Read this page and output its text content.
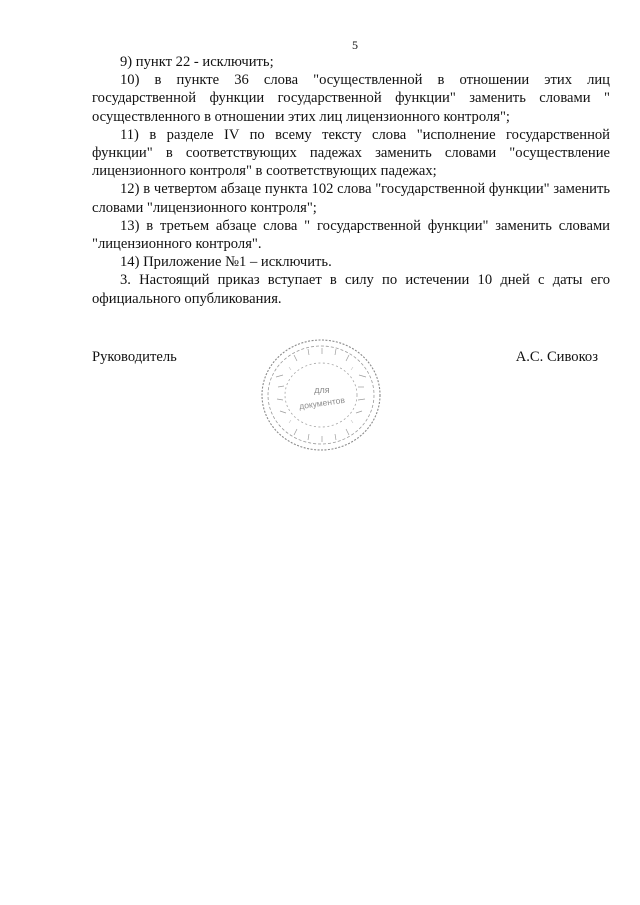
5

9) пункт 22 - исключить;

10) в пункте 36 слова "осуществленной в отношении этих лиц государственной функции государственной функции" заменить словами " осуществленного в отношении этих лиц лицензионного контроля";

11) в разделе IV по всему тексту слова "исполнение государственной функции" в соответствующих падежах заменить словами "осуществление лицензионного контроля" в соответствующих падежах;

12) в четвертом абзаце пункта 102 слова "государственной функции" заменить словами "лицензионного контроля";

13) в третьем абзаце слова " государственной функции" заменить словами "лицензионного контроля".

14) Приложение №1 – исключить.

3. Настоящий приказ вступает в силу по истечении 10 дней с даты его официального опубликования.

Руководитель	А.С. Сивокоз
для
документов
